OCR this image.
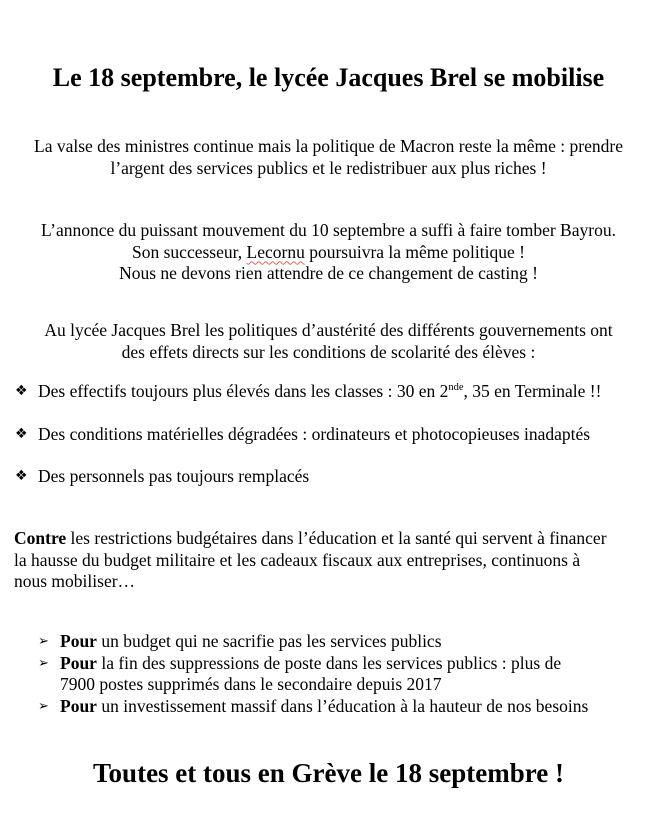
Le 18 septembre, le lycée Jacques Brel se mobilise

La valse des ministres continue mais la politique de Macron reste la même : prendre
l’argent des services publics et le redistribuer aux plus riches !

L’annonce du puissant mouvement du 10 septembre a suffi à faire tomber Bayrou.
Son successeur, Lecornu poursuivra la même politique !
Nous ne devons rien attendre de ce changement de casting !

Au lycée Jacques Brel les politiques d’austérité des différents gouvernements ont
des effets directs sur les conditions de scolarité des élèves :

❖ Des effectifs toujours plus élevés dans les classes : 30 en 2nde, 35 en Terminale !!
❖ Des conditions matérielles dégradées : ordinateurs et photocopieuses inadaptés
❖ Des personnels pas toujours remplacés

Contre les restrictions budgétaires dans l’éducation et la santé qui servent à financer
la hausse du budget militaire et les cadeaux fiscaux aux entreprises, continuons à
nous mobiliser…

➢ Pour un budget qui ne sacrifie pas les services publics
➢ Pour la fin des suppressions de poste dans les services publics : plus de
7900 postes supprimés dans le secondaire depuis 2017
➢ Pour un investissement massif dans l’éducation à la hauteur de nos besoins

Toutes et tous en Grève le 18 septembre !
